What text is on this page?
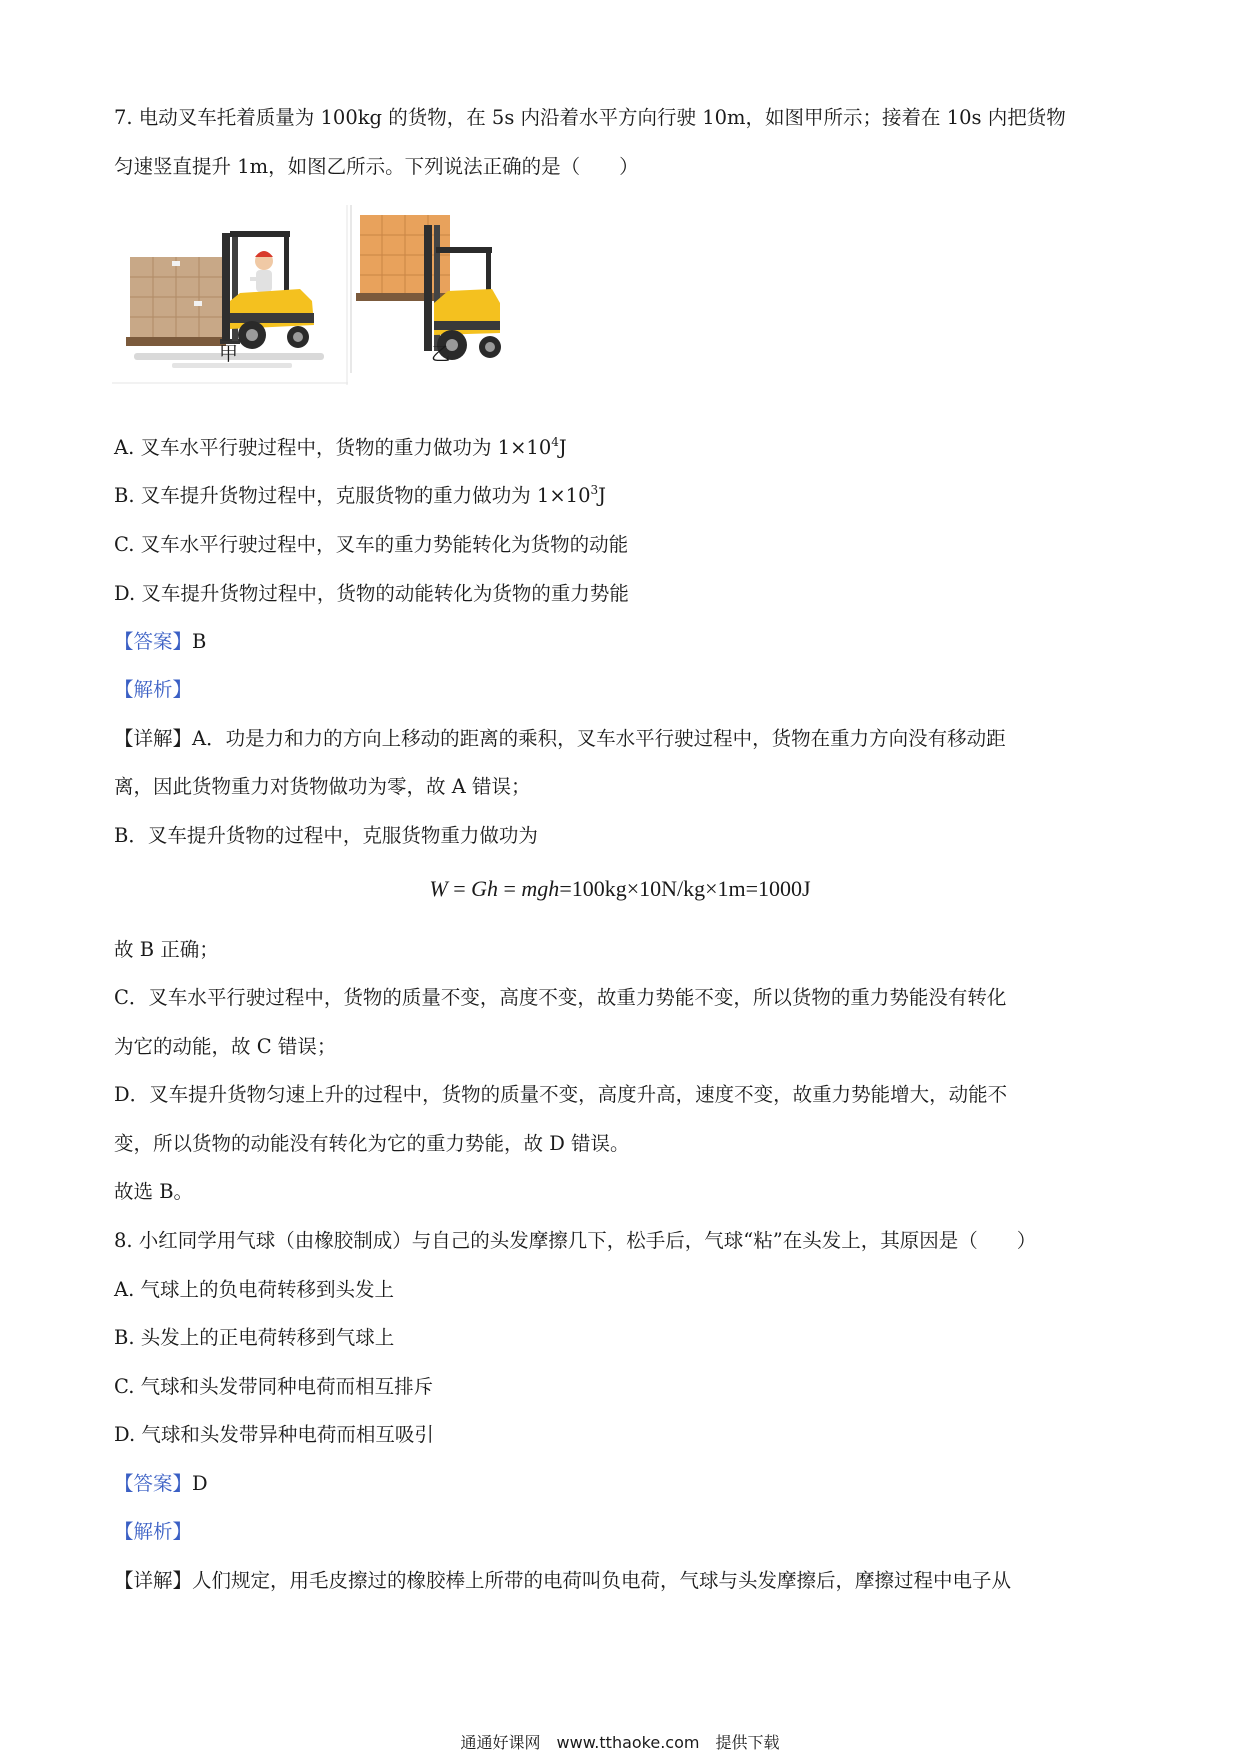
7. 电动叉车托着质量为 100kg 的货物，在 5s 内沿着水平方向行驶 10m，如图甲所示；接着在 10s 内把货物
匀速竖直提升 1m，如图乙所示。下列说法正确的是（　　）
甲	乙
A. 叉车水平行驶过程中，货物的重力做功为 $1\times 10^4J$
B. 叉车提升货物过程中，克服货物的重力做功为 $1\times 10^3J$
C. 叉车水平行驶过程中，叉车的重力势能转化为货物的动能
D. 叉车提升货物过程中，货物的动能转化为货物的重力势能
【答案】B
【解析】
【详解】A．功是力和力的方向上移动的距离的乘积，叉车水平行驶过程中，货物在重力方向没有移动距
离，因此货物重力对货物做功为零，故 A 错误；
B．叉车提升货物的过程中，克服货物重力做功为
W = Gh = mgh=100kg×10N/kg×1m=1000J
故 B 正确；
C．叉车水平行驶过程中，货物的质量不变，高度不变，故重力势能不变，所以货物的重力势能没有转化
为它的动能，故 C 错误；
D．叉车提升货物匀速上升的过程中，货物的质量不变，高度升高，速度不变，故重力势能增大，动能不
变，所以货物的动能没有转化为它的重力势能，故 D 错误。
故选 B。
8. 小红同学用气球（由橡胶制成）与自己的头发摩擦几下，松手后，气球“粘”在头发上，其原因是（　　）
A. 气球上的负电荷转移到头发上
B. 头发上的正电荷转移到气球上
C. 气球和头发带同种电荷而相互排斥
D. 气球和头发带异种电荷而相互吸引
【答案】D
【解析】
【详解】人们规定，用毛皮擦过的橡胶棒上所带的电荷叫负电荷，气球与头发摩擦后，摩擦过程中电子从
通通好课网　www.tthaoke.com　提供下载
